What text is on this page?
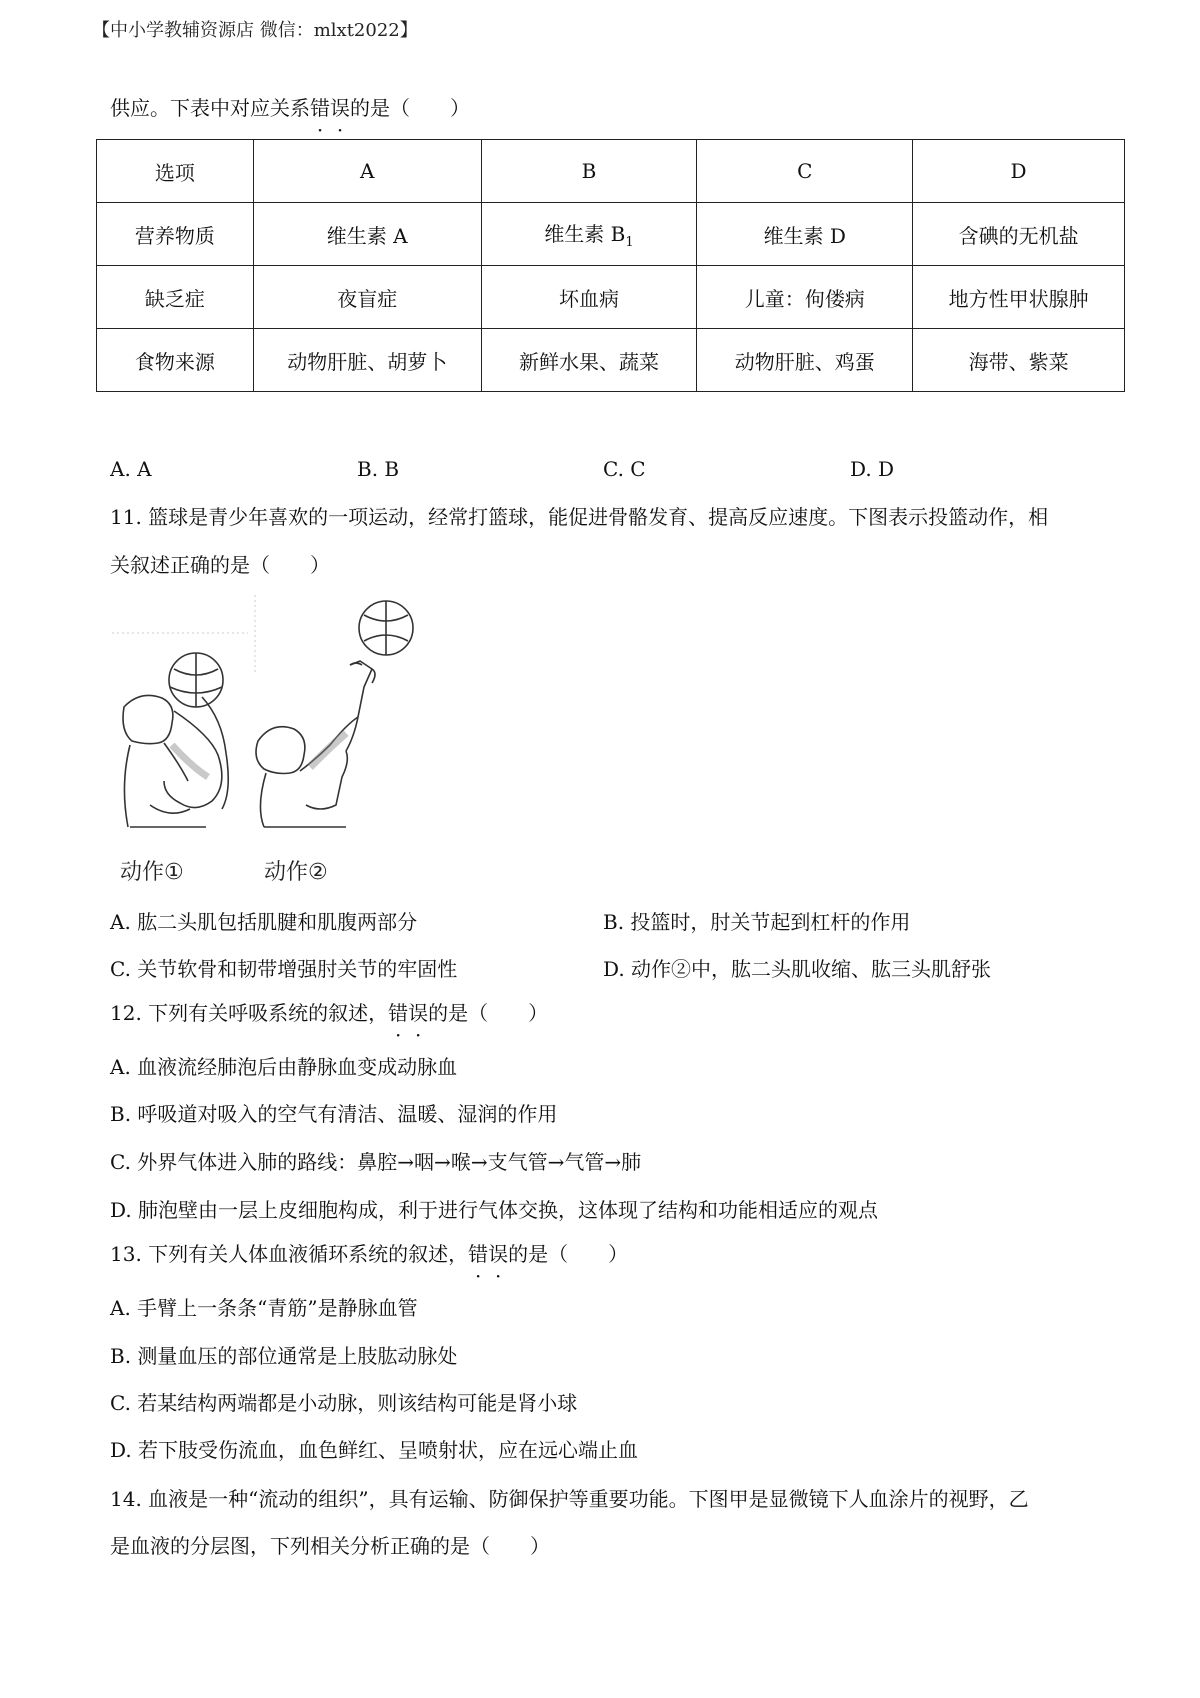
【中小学教辅资源店 微信：mlxt2022】
供应。下表中对应关系错误的是（　　）
选项	A	B	C	D
营养物质	维生素 A	维生素 $B_1$	维生素 D	含碘的无机盐
缺乏症	夜盲症	坏血病	儿童：佝偻病	地方性甲状腺肿
食物来源	动物肝脏、胡萝卜	新鲜水果、蔬菜	动物肝脏、鸡蛋	海带、紫菜
A. A	B. B	C. C	D. D
11. 篮球是青少年喜欢的一项运动，经常打篮球，能促进骨骼发育、提高反应速度。下图表示投篮动作，相
关叙述正确的是（　　）
动作①	动作②
A. 肱二头肌包括肌腱和肌腹两部分	B. 投篮时，肘关节起到杠杆的作用
C. 关节软骨和韧带增强肘关节的牢固性	D. 动作②中，肱二头肌收缩、肱三头肌舒张
12. 下列有关呼吸系统的叙述，错误的是（　　）
A. 血液流经肺泡后由静脉血变成动脉血
B. 呼吸道对吸入的空气有清洁、温暖、湿润的作用
C. 外界气体进入肺的路线：鼻腔→咽→喉→支气管→气管→肺
D. 肺泡壁由一层上皮细胞构成，利于进行气体交换，这体现了结构和功能相适应的观点
13. 下列有关人体血液循环系统的叙述，错误的是（　　）
A. 手臂上一条条“青筋”是静脉血管
B. 测量血压的部位通常是上肢肱动脉处
C. 若某结构两端都是小动脉，则该结构可能是肾小球
D. 若下肢受伤流血，血色鲜红、呈喷射状，应在远心端止血
14. 血液是一种“流动的组织”，具有运输、防御保护等重要功能。下图甲是显微镜下人血涂片的视野，乙
是血液的分层图，下列相关分析正确的是（　　）
